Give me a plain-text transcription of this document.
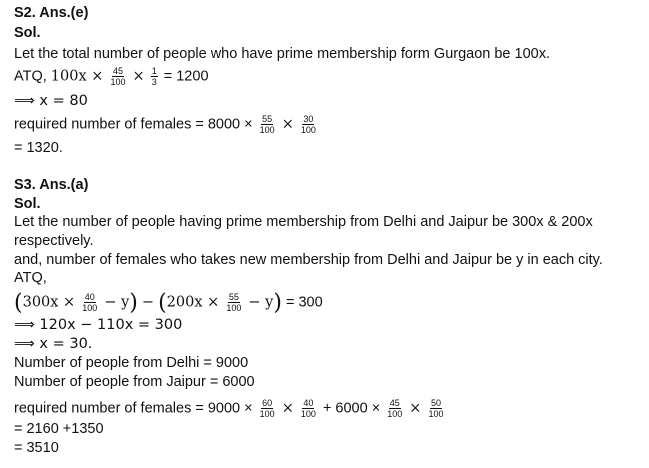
S2. Ans.(e)
Sol.
Let the total number of people who have prime membership form Gurgaon be 100x.
ATQ, $100x \times \frac{45}{100} \times \frac{1}{3} = 1200$
⟹ x = 80
required number of females = $8000 \times \frac{55}{100} \times \frac{30}{100}$
= 1320.
S3. Ans.(a)
Sol.
Let the number of people having prime membership from Delhi and Jaipur be 300x & 200x
respectively.
and, number of females who takes new membership from Delhi and Jaipur be y in each city.
ATQ,
$(300x \times \frac{40}{100} - y) - (200x \times \frac{55}{100} - y) = 300$
⟹ 120x − 110x = 300
⟹ x = 30.
Number of people from Delhi = 9000
Number of people from Jaipur = 6000
required number of females = $9000 \times \frac{60}{100} \times \frac{40}{100} + 6000 \times \frac{45}{100} \times \frac{50}{100}$
= 2160 +1350
= 3510
